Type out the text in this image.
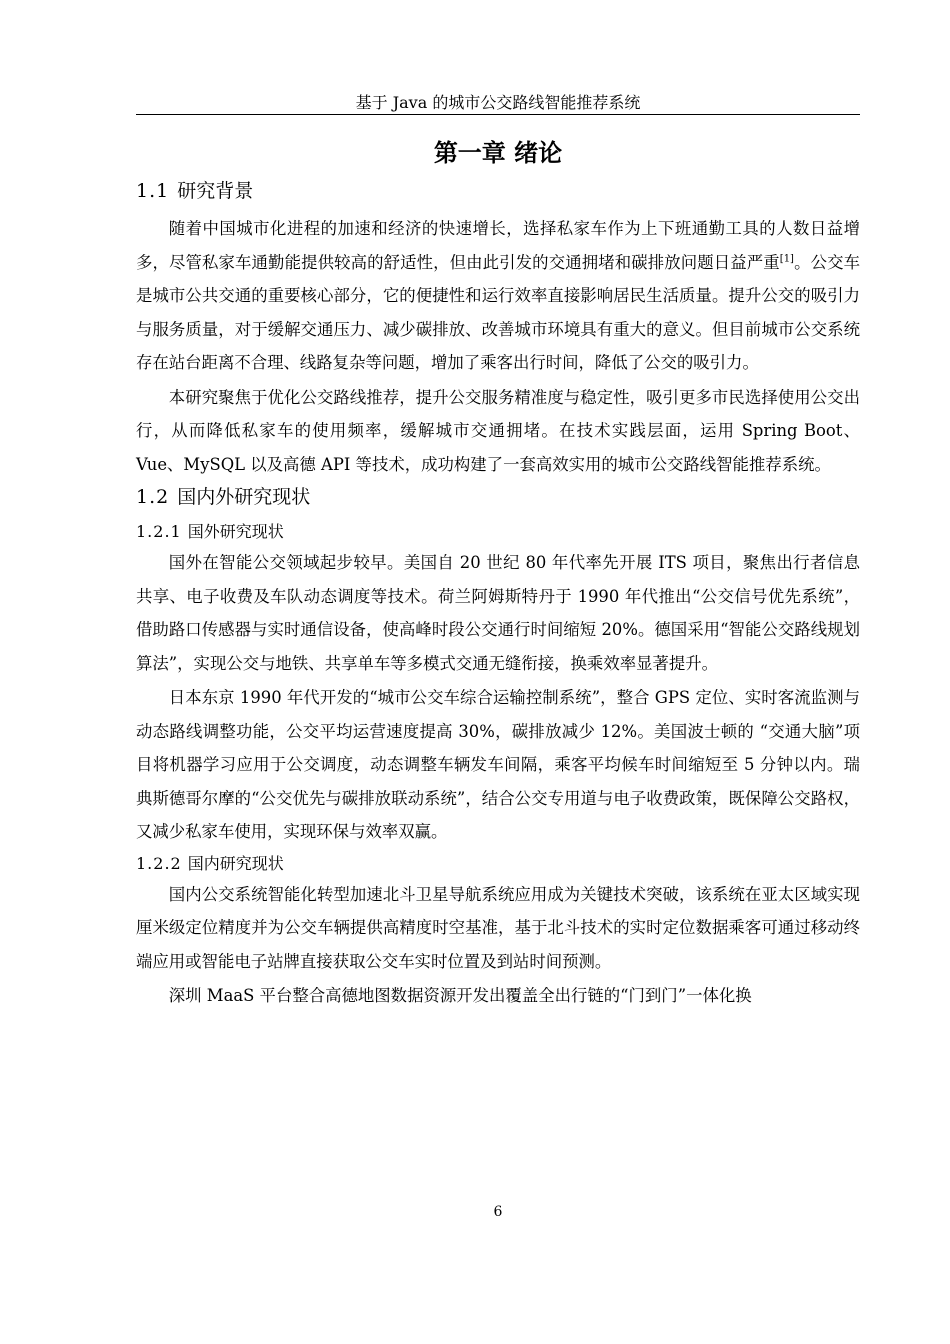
基于 Java 的城市公交路线智能推荐系统
第一章 绪论
1.1 研究背景

随着中国城市化进程的加速和经济的快速增长，选择私家车作为上下班通勤工具的人数日益增多，尽管私家车通勤能提供较高的舒适性，但由此引发的交通拥堵和碳排放问题日益严重[1]。公交车是城市公共交通的重要核心部分，它的便捷性和运行效率直接影响居民生活质量。提升公交的吸引力与服务质量，对于缓解交通压力、减少碳排放、改善城市环境具有重大的意义。但目前城市公交系统存在站台距离不合理、线路复杂等问题，增加了乘客出行时间，降低了公交的吸引力。

本研究聚焦于优化公交路线推荐，提升公交服务精准度与稳定性，吸引更多市民选择使用公交出行，从而降低私家车的使用频率，缓解城市交通拥堵。在技术实践层面，运用 Spring Boot、Vue、MySQL 以及高德 API 等技术，成功构建了一套高效实用的城市公交路线智能推荐系统。

1.2 国内外研究现状
1.2.1 国外研究现状

国外在智能公交领域起步较早。美国自 20 世纪 80 年代率先开展 ITS 项目，聚焦出行者信息共享、电子收费及车队动态调度等技术。荷兰阿姆斯特丹于 1990 年代推出“公交信号优先系统”，借助路口传感器与实时通信设备，使高峰时段公交通行时间缩短 20%。德国采用“智能公交路线规划算法”，实现公交与地铁、共享单车等多模式交通无缝衔接，换乘效率显著提升。

日本东京 1990 年代开发的“城市公交车综合运输控制系统”，整合 GPS 定位、实时客流监测与动态路线调整功能，公交平均运营速度提高 30%，碳排放减少 12%。美国波士顿的 “交通大脑”项目将机器学习应用于公交调度，动态调整车辆发车间隔，乘客平均候车时间缩短至 5 分钟以内。瑞典斯德哥尔摩的“公交优先与碳排放联动系统”，结合公交专用道与电子收费政策，既保障公交路权，又减少私家车使用，实现环保与效率双赢。

1.2.2 国内研究现状

国内公交系统智能化转型加速北斗卫星导航系统应用成为关键技术突破，该系统在亚太区域实现厘米级定位精度并为公交车辆提供高精度时空基准，基于北斗技术的实时定位数据乘客可通过移动终端应用或智能电子站牌直接获取公交车实时位置及到站时间预测。

深圳 MaaS 平台整合高德地图数据资源开发出覆盖全出行链的“门到门”一体化换

6
